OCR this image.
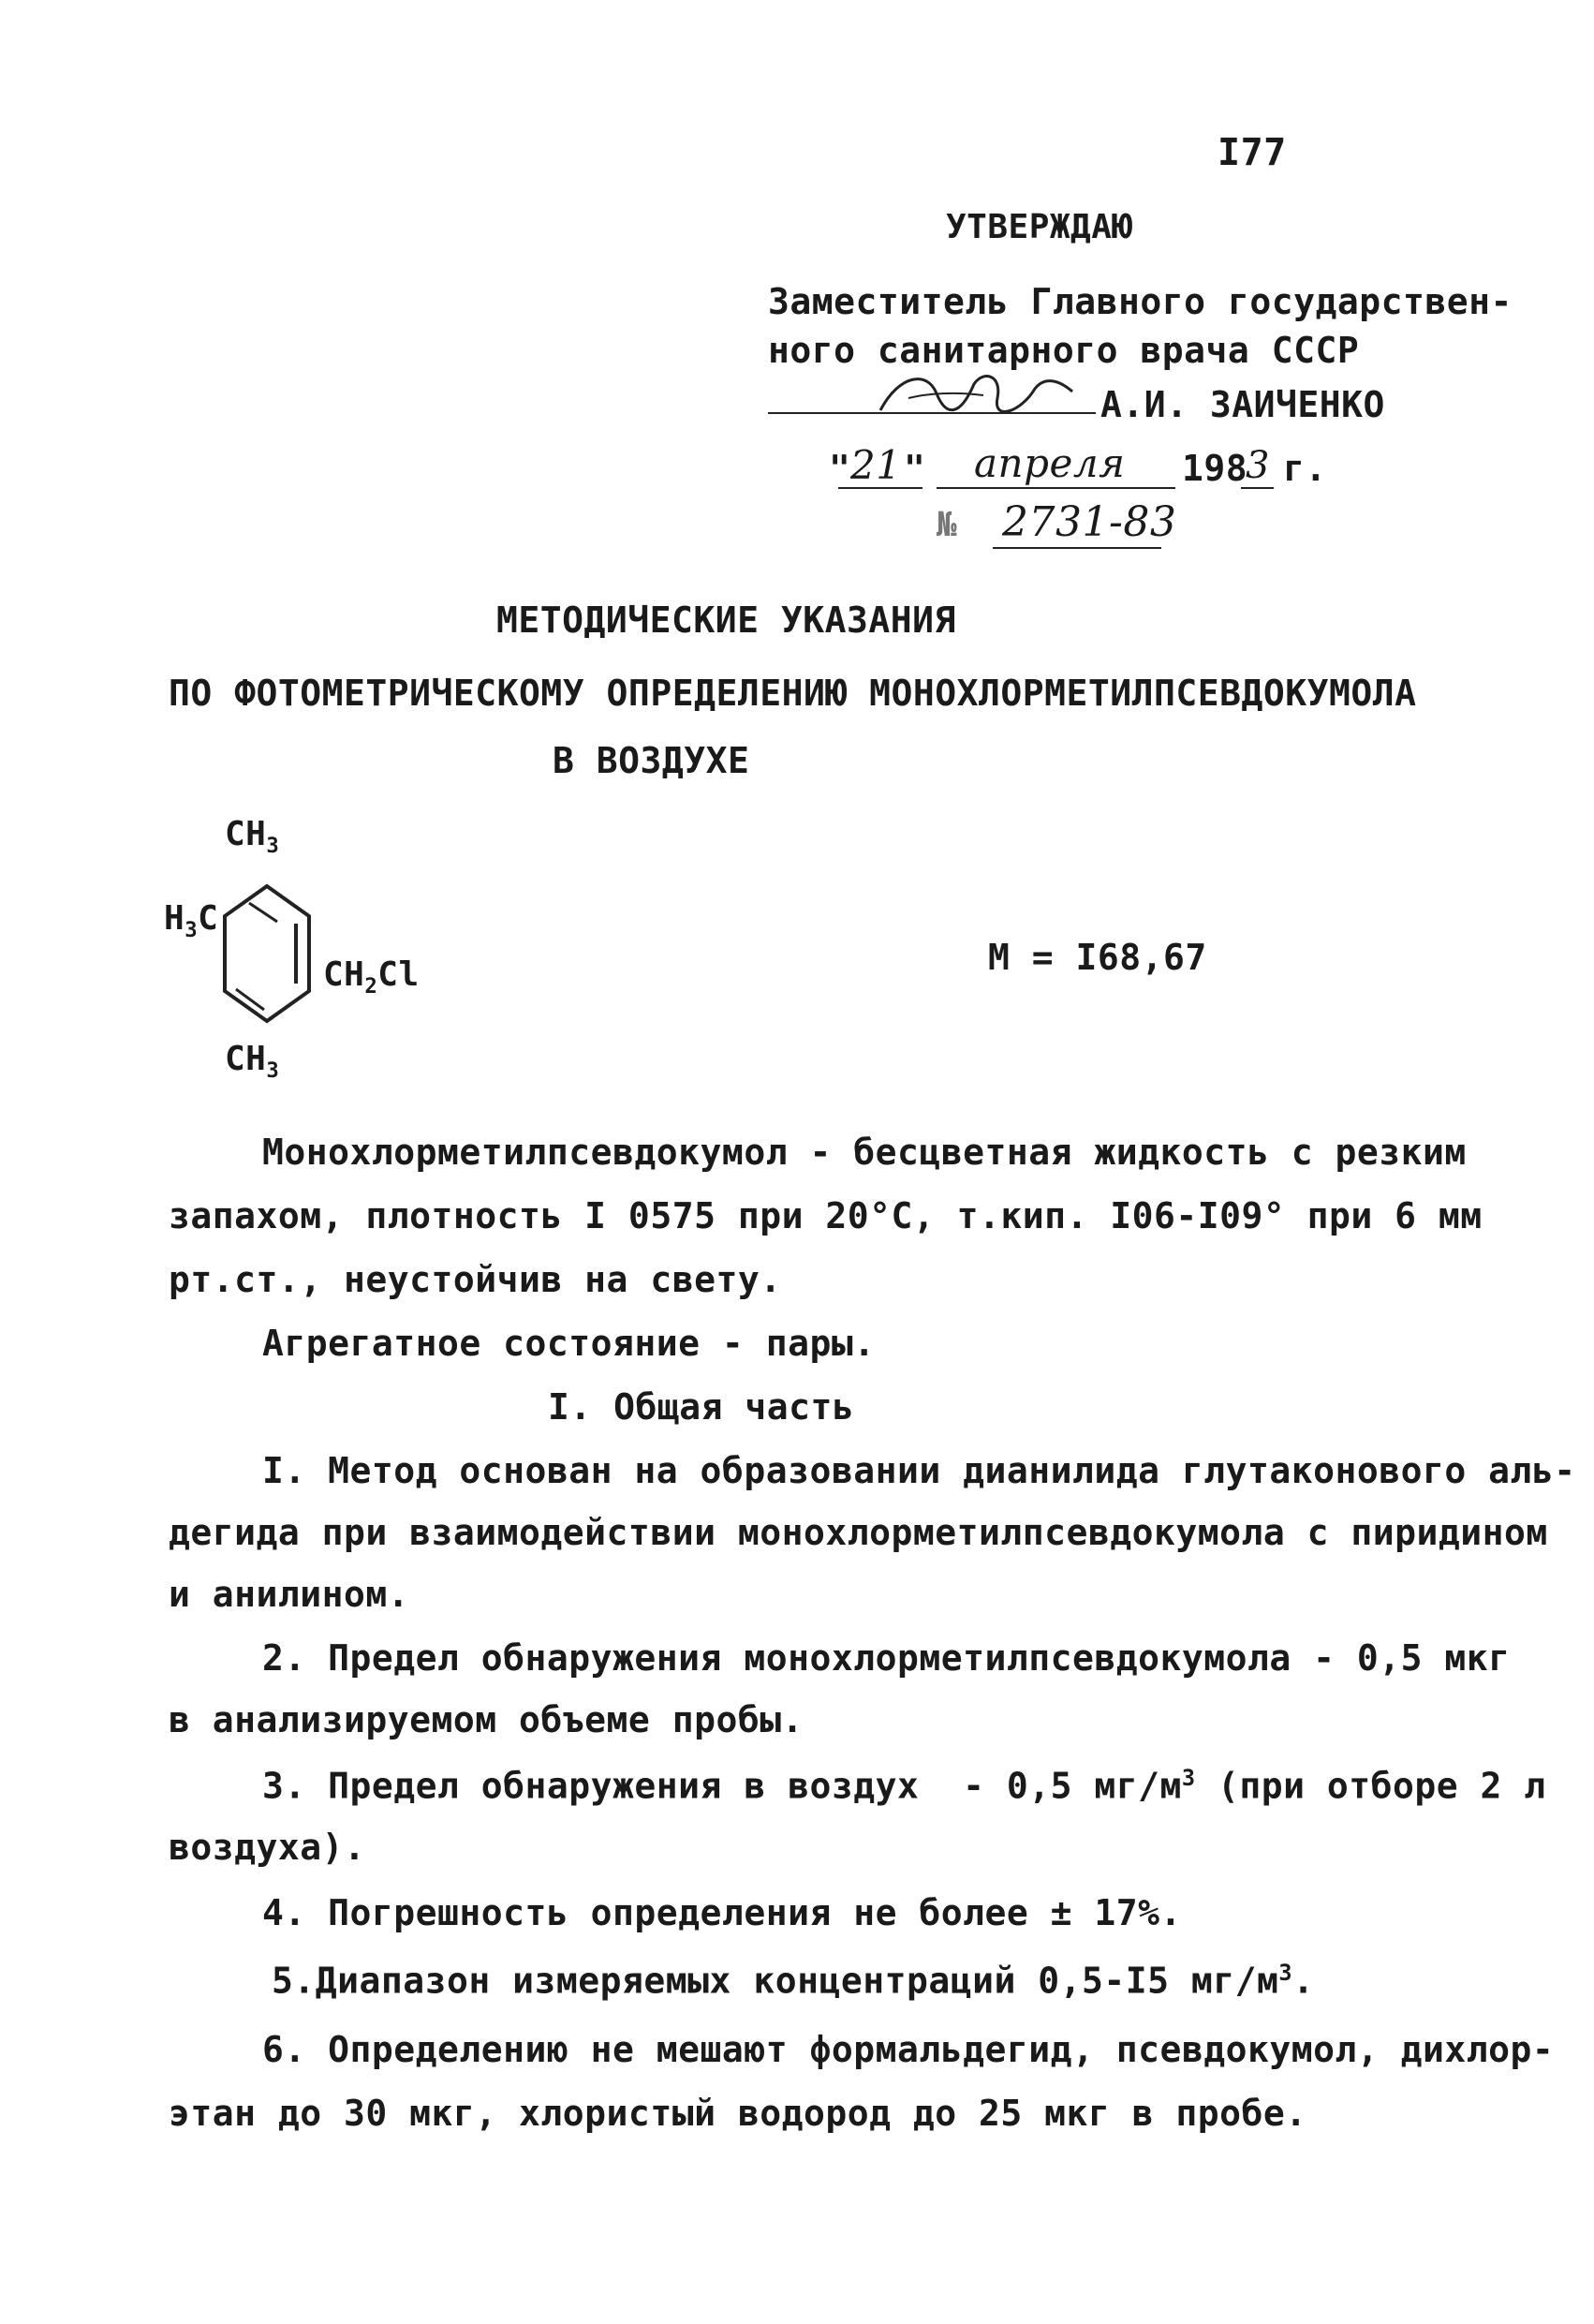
I77
УТВЕРЖДАЮ
Заместитель Главного государствен-
ного санитарного врача СССР
А.И. ЗАИЧЕНКО
" 21 " апреля 198
3 г.
№ 2731-83
МЕТОДИЧЕСКИЕ УКАЗАНИЯ
ПО ФОТОМЕТРИЧЕСКОМУ ОПРЕДЕЛЕНИЮ МОНОХЛОРМЕТИЛПСЕВДОКУМОЛА
В ВОЗДУХЕ
$CH_3$
$H_3C$
$CH_2Cl$
$CH_3$
М = I68,67
Монохлорметилпсевдокумол - бесцветная жидкость с резким
запахом, плотность I 0575 при 20°С, т.кип. I06-I09° при 6 мм
рт.ст., неустойчив на свету.
Агрегатное состояние - пары.
I. Общая часть
I. Метод основан на образовании дианилида глутаконового аль-
дегида при взаимодействии монохлорметилпсевдокумола с пиридином
и анилином.
2. Предел обнаружения монохлорметилпсевдокумола - 0,5 мкг
в анализируемом объеме пробы.
3. Предел обнаружения в воздух  - 0,5 $мг/м^3$ (при отборе 2 л
воздуха).
4. Погрешность определения не более ± 17%.
5.Диапазон измеряемых концентраций 0,5-I5 $мг/м^3$.
6. Определению не мешают формальдегид, псевдокумол, дихлор-
этан до 30 мкг, хлористый водород до 25 мкг в пробе.
